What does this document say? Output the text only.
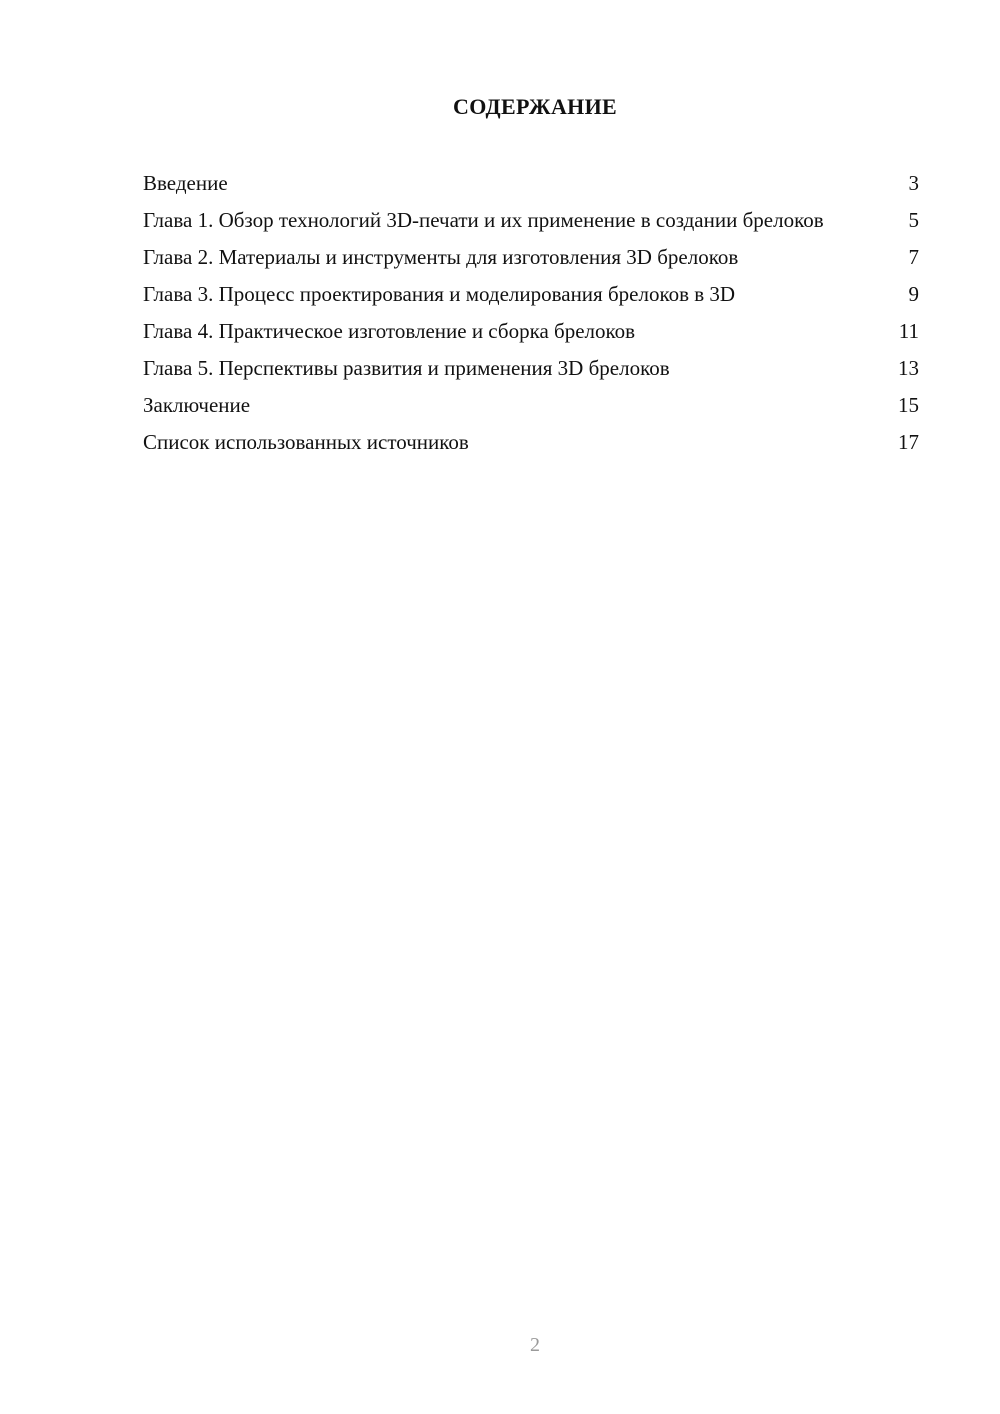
СОДЕРЖАНИЕ
Введение	3
Глава 1. Обзор технологий 3D-печати и их применение в создании брелоков	5
Глава 2. Материалы и инструменты для изготовления 3D брелоков	7
Глава 3. Процесс проектирования и моделирования брелоков в 3D	9
Глава 4. Практическое изготовление и сборка брелоков	11
Глава 5. Перспективы развития и применения 3D брелоков	13
Заключение	15
Список использованных источников	17
2
